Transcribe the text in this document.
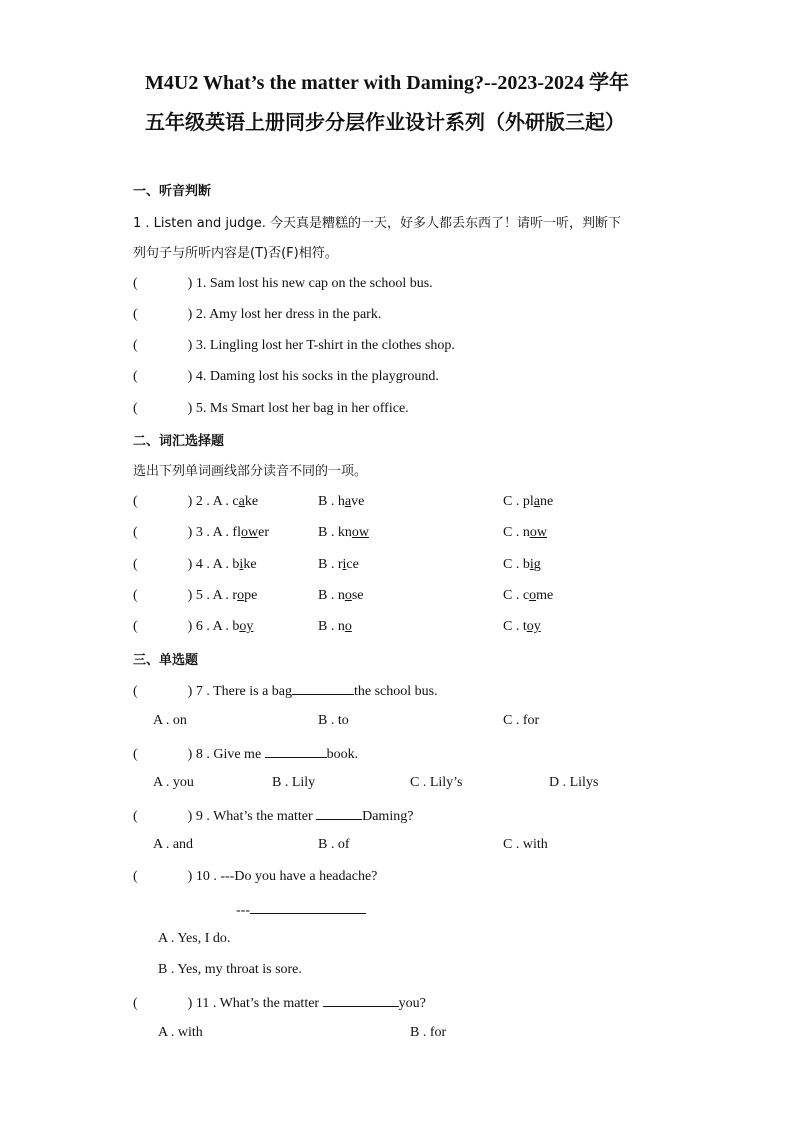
M4U2 What’s the matter with Daming?--2023-2024 学年
五年级英语上册同步分层作业设计系列（外研版三起）
一、听音判断
1 . Listen and judge. 今天真是糟糕的一天，好多人都丢东西了！请听一听，判断下
列句子与所听内容是(T)否(F)相符。
(	) 1. Sam lost his new cap on the school bus.
(	) 2. Amy lost her dress in the park.
(	) 3. Lingling lost her T-shirt in the clothes shop.
(	) 4. Daming lost his socks in the playground.
(	) 5. Ms Smart lost her bag in her office.
二、词汇选择题
选出下列单词画线部分读音不同的一项。
(	) 2 . A . cake	B . have	C . plane
(	) 3 . A . flower	B . know	C . now
(	) 4 . A . bike	B . rice	C . big
(	) 5 . A . rope	B . nose	C . come
(	) 6 . A . boy	B . no	C . toy
三、单选题
(	) 7 . There is a bag	the school bus.
A . on	B . to	C . for
(	) 8 . Give me	book.
A . you	B . Lily	C . Lily’s	D . Lilys
(	) 9 . What’s the matter	Daming?
A . and	B . of	C . with
(	) 10 . ---Do you have a headache?
---
A . Yes, I do.
B . Yes, my throat is sore.
(	) 11 . What’s the matter	you?
A . with	B . for
